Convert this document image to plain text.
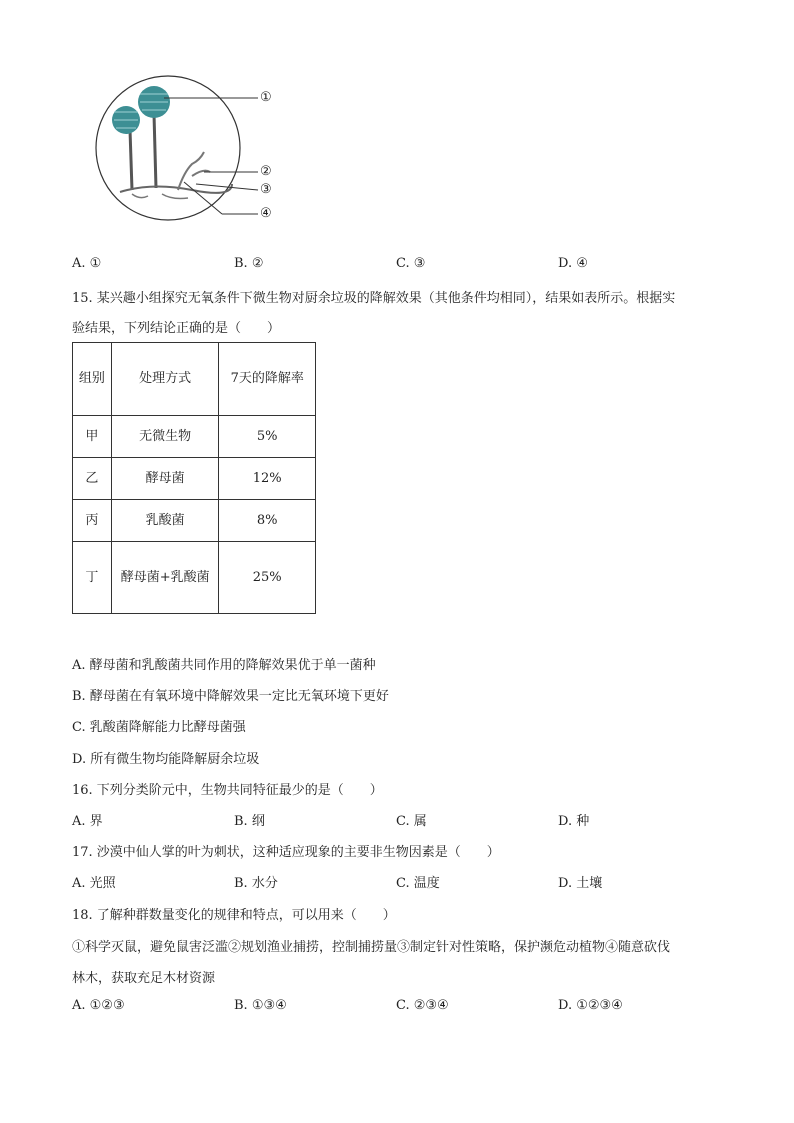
①
②
③
④
A. ①	B. ②	C. ③	D. ④
15. 某兴趣小组探究无氧条件下微生物对厨余垃圾的降解效果（其他条件均相同），结果如表所示。根据实
验结果，下列结论正确的是（　　）
组别	处理方式	7天的降解率
甲	无微生物	5%
乙	酵母菌	12%
丙	乳酸菌	8%
丁	酵母菌+乳酸菌	25%
A. 酵母菌和乳酸菌共同作用的降解效果优于单一菌种
B. 酵母菌在有氧环境中降解效果一定比无氧环境下更好
C. 乳酸菌降解能力比酵母菌强
D. 所有微生物均能降解厨余垃圾
16. 下列分类阶元中，生物共同特征最少的是（　　）
A. 界	B. 纲	C. 属	D. 种
17. 沙漠中仙人掌的叶为刺状，这种适应现象的主要非生物因素是（　　）
A. 光照	B. 水分	C. 温度	D. 土壤
18. 了解种群数量变化的规律和特点，可以用来（　　）
①科学灭鼠，避免鼠害泛滥②规划渔业捕捞，控制捕捞量③制定针对性策略，保护濒危动植物④随意砍伐
林木，获取充足木材资源
A. ①②③	B. ①③④	C. ②③④	D. ①②③④
